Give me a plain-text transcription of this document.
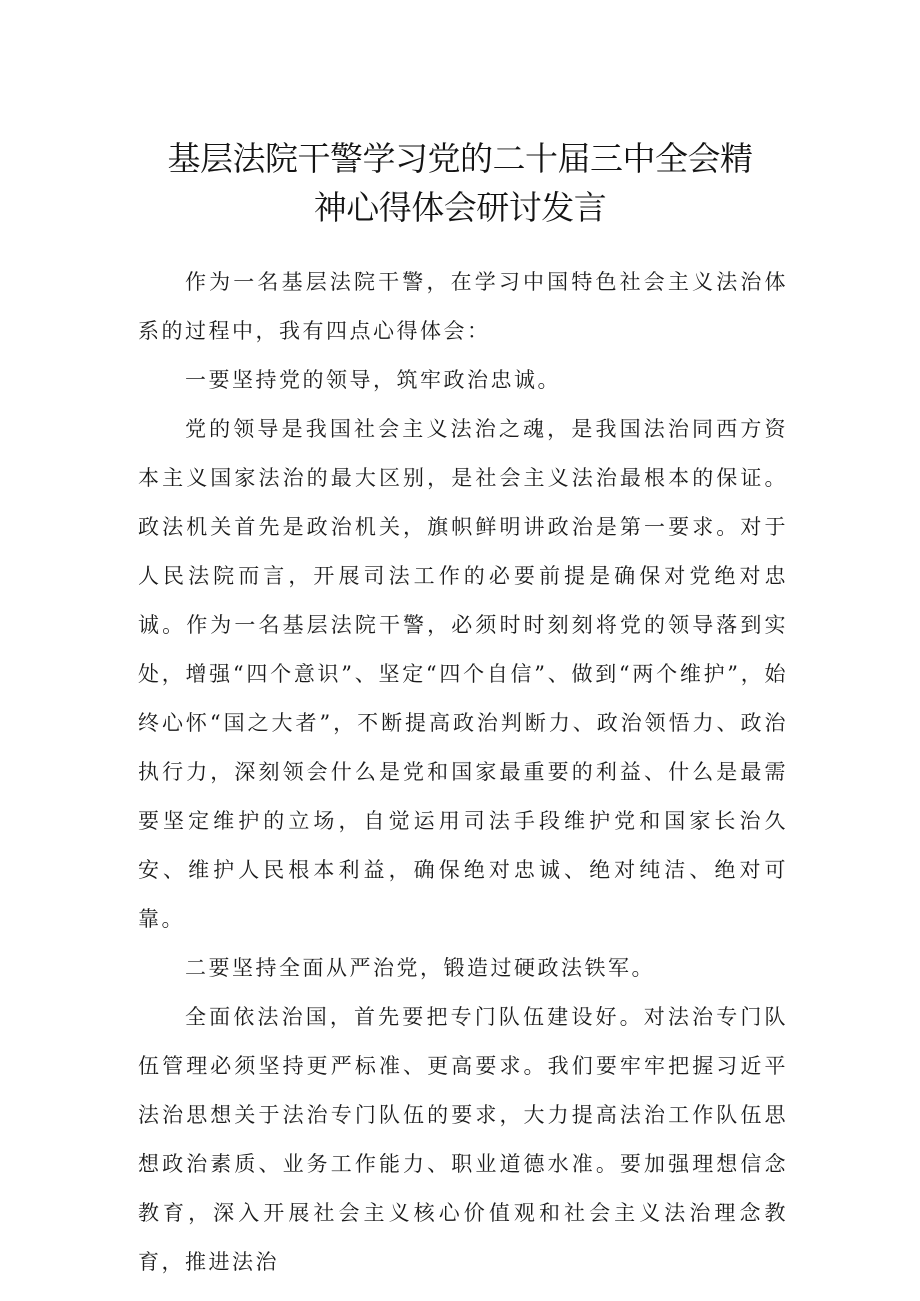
基层法院干警学习党的二十届三中全会精
神心得体会研讨发言

作为一名基层法院干警，在学习中国特色社会主义法治体系的过程中，我有四点心得体会：

一要坚持党的领导，筑牢政治忠诚。

党的领导是我国社会主义法治之魂，是我国法治同西方资本主义国家法治的最大区别，是社会主义法治最根本的保证。政法机关首先是政治机关，旗帜鲜明讲政治是第一要求。对于人民法院而言，开展司法工作的必要前提是确保对党绝对忠诚。作为一名基层法院干警，必须时时刻刻将党的领导落到实处，增强“四个意识”、坚定“四个自信”、做到“两个维护”，始终心怀“国之大者”，不断提高政治判断力、政治领悟力、政治执行力，深刻领会什么是党和国家最重要的利益、什么是最需要坚定维护的立场，自觉运用司法手段维护党和国家长治久安、维护人民根本利益，确保绝对忠诚、绝对纯洁、绝对可靠。

二要坚持全面从严治党，锻造过硬政法铁军。

全面依法治国，首先要把专门队伍建设好。对法治专门队伍管理必须坚持更严标准、更高要求。我们要牢牢把握习近平法治思想关于法治专门队伍的要求，大力提高法治工作队伍思想政治素质、业务工作能力、职业道德水准。要加强理想信念教育，深入开展社会主义核心价值观和社会主义法治理念教育，推进法治
